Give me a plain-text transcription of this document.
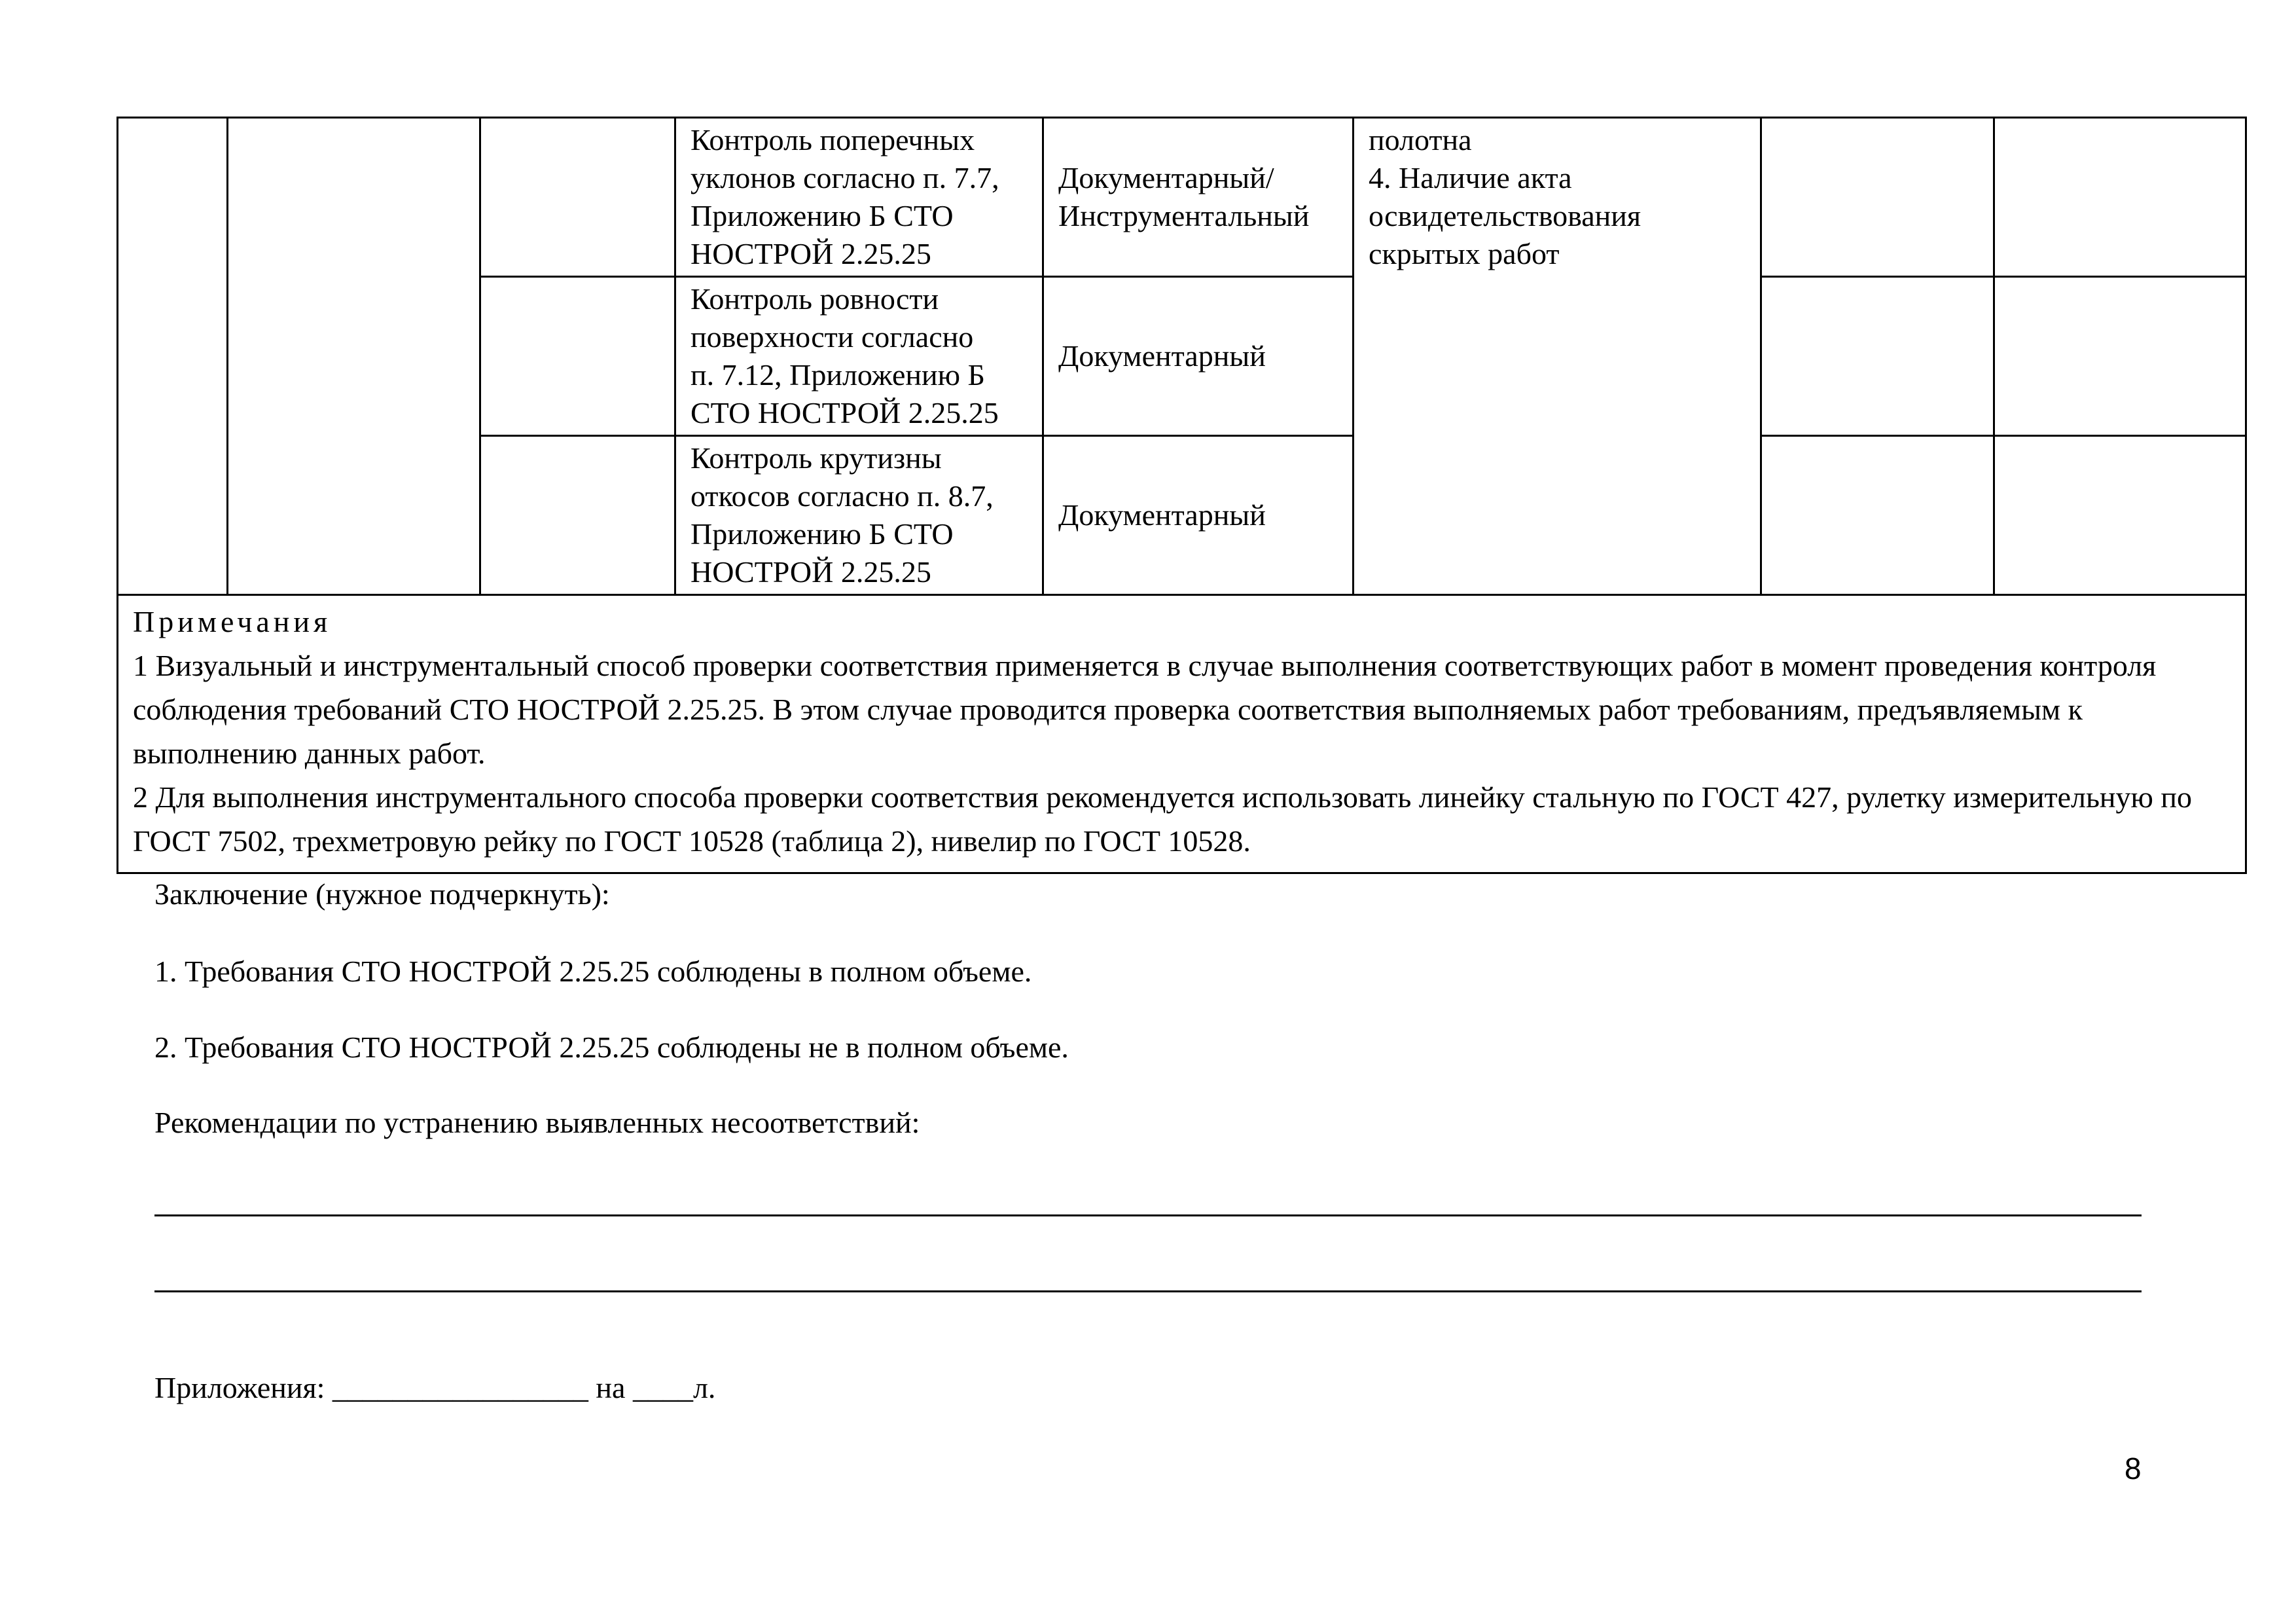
			Контроль поперечных
уклонов согласно п. 7.7,
Приложению Б СТО
НОСТРОЙ 2.25.25	Документарный/
Инструментальный	полотна
4. Наличие акта
освидетельствования
скрытых работ		
			Контроль ровности
поверхности согласно
п. 7.12, Приложению Б
СТО НОСТРОЙ 2.25.25	Документарный			
			Контроль крутизны
откосов согласно п. 8.7,
Приложению Б СТО
НОСТРОЙ 2.25.25	Документарный			

Примечания

1 Визуальный и инструментальный способ проверки соответствия применяется в случае выполнения соответствующих работ в момент проведения контроля соблюдения требований СТО НОСТРОЙ 2.25.25. В этом случае проводится проверка соответствия выполняемых работ требованиям, предъявляемым к выполнению данных работ.

2 Для выполнения инструментального способа проверки соответствия рекомендуется использовать линейку стальную по ГОСТ 427, рулетку измерительную по ГОСТ 7502, трехметровую рейку по ГОСТ 10528 (таблица 2), нивелир по ГОСТ 10528.							

Заключение (нужное подчеркнуть):
1. Требования СТО НОСТРОЙ 2.25.25 соблюдены в полном объеме.
2. Требования СТО НОСТРОЙ 2.25.25 соблюдены не в полном объеме.
Рекомендации по устранению выявленных несоответствий:
Приложения: _________________ на ____л.
8
